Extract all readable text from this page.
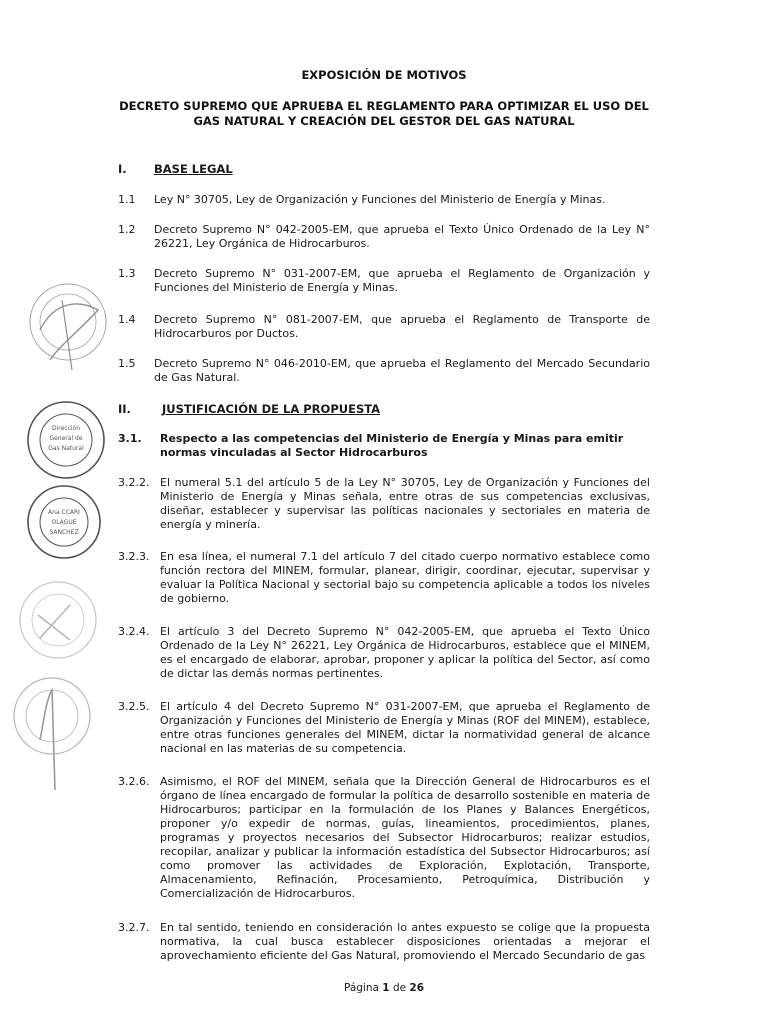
Dirección
General de
Gas Natural
Ana CCARI
OLAGUE
SANCHEZ
EXPOSICIÓN DE MOTIVOS
DECRETO SUPREMO QUE APRUEBA EL REGLAMENTO PARA OPTIMIZAR EL USO DEL GAS NATURAL Y CREACIÓN DEL GESTOR DEL GAS NATURAL
I. BASE LEGAL
1.1 Ley N° 30705, Ley de Organización y Funciones del Ministerio de Energía y Minas.
1.2 Decreto Supremo N° 042-2005-EM, que aprueba el Texto Único Ordenado de la Ley N° 26221, Ley Orgánica de Hidrocarburos.
1.3 Decreto Supremo N° 031-2007-EM, que aprueba el Reglamento de Organización y Funciones del Ministerio de Energía y Minas.
1.4 Decreto Supremo N° 081-2007-EM, que aprueba el Reglamento de Transporte de Hidrocarburos por Ductos.
1.5 Decreto Supremo N° 046-2010-EM, que aprueba el Reglamento del Mercado Secundario de Gas Natural.
II.	JUSTIFICACIÓN DE LA PROPUESTA
3.1. Respecto a las competencias del Ministerio de Energía y Minas para emitir normas vinculadas al Sector Hidrocarburos
3.2.2. El numeral 5.1 del artículo 5 de la Ley N° 30705, Ley de Organización y Funciones del Ministerio de Energía y Minas señala, entre otras de sus competencias exclusivas, diseñar, establecer y supervisar las políticas nacionales y sectoriales en materia de energía y minería.
3.2.3. En esa línea, el numeral 7.1 del artículo 7 del citado cuerpo normativo establece como función rectora del MINEM, formular, planear, dirigir, coordinar, ejecutar, supervisar y evaluar la Política Nacional y sectorial bajo su competencia aplicable a todos los niveles de gobierno.
3.2.4. El artículo 3 del Decreto Supremo N° 042-2005-EM, que aprueba el Texto Único Ordenado de la Ley N° 26221, Ley Orgánica de Hidrocarburos, establece que el MINEM, es el encargado de elaborar, aprobar, proponer y aplicar la política del Sector, así como de dictar las demás normas pertinentes.
3.2.5. El artículo 4 del Decreto Supremo N° 031-2007-EM, que aprueba el Reglamento de Organización y Funciones del Ministerio de Energía y Minas (ROF del MINEM), establece, entre otras funciones generales del MINEM, dictar la normatividad general de alcance nacional en las materias de su competencia.
3.2.6. Asimismo, el ROF del MINEM, señala que la Dirección General de Hidrocarburos es el órgano de línea encargado de formular la política de desarrollo sostenible en materia de Hidrocarburos; participar en la formulación de los Planes y Balances Energéticos, proponer y/o expedir de normas, guías, lineamientos, procedimientos, planes, programas y proyectos necesarios del Subsector Hidrocarburos; realizar estudios, recopilar, analizar y publicar la información estadística del Subsector Hidrocarburos; así como promover las actividades de Exploración, Explotación, Transporte, Almacenamiento, Refinación, Procesamiento, Petroquímica, Distribución y Comercialización de Hidrocarburos.
3.2.7. En tal sentido, teniendo en consideración lo antes expuesto se colige que la propuesta normativa, la cual busca establecer disposiciones orientadas a mejorar el aprovechamiento eficiente del Gas Natural, promoviendo el Mercado Secundario de gas
Página 1 de 26
